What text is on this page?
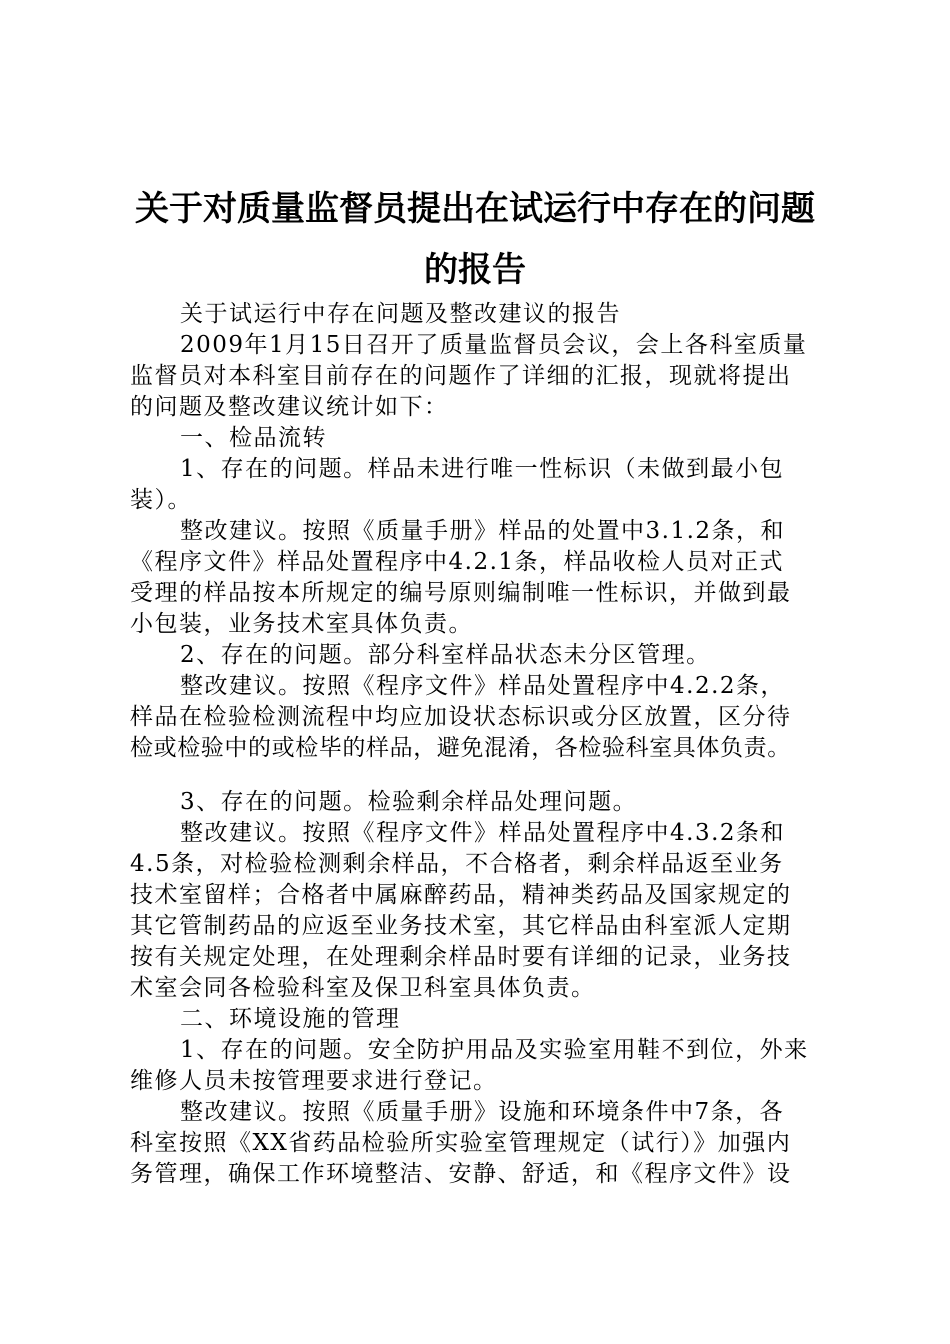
关于对质量监督员提出在试运行中存在的问题
的报告
关于试运行中存在问题及整改建议的报告
2009年1月15日召开了质量监督员会议，会上各科室质量
监督员对本科室目前存在的问题作了详细的汇报，现就将提出
的问题及整改建议统计如下：
一、检品流转
1、存在的问题。样品未进行唯一性标识（未做到最小包
装）。
整改建议。按照《质量手册》样品的处置中3.1.2条，和
《程序文件》样品处置程序中4.2.1条，样品收检人员对正式
受理的样品按本所规定的编号原则编制唯一性标识，并做到最
小包装，业务技术室具体负责。
2、存在的问题。部分科室样品状态未分区管理。
整改建议。按照《程序文件》样品处置程序中4.2.2条，
样品在检验检测流程中均应加设状态标识或分区放置，区分待
检或检验中的或检毕的样品，避免混淆，各检验科室具体负责。
3、存在的问题。检验剩余样品处理问题。
整改建议。按照《程序文件》样品处置程序中4.3.2条和
4.5条，对检验检测剩余样品，不合格者，剩余样品返至业务
技术室留样；合格者中属麻醉药品，精神类药品及国家规定的
其它管制药品的应返至业务技术室，其它样品由科室派人定期
按有关规定处理，在处理剩余样品时要有详细的记录，业务技
术室会同各检验科室及保卫科室具体负责。
二、环境设施的管理
1、存在的问题。安全防护用品及实验室用鞋不到位，外来
维修人员未按管理要求进行登记。
整改建议。按照《质量手册》设施和环境条件中7条，各
科室按照《XX省药品检验所实验室管理规定（试行）》加强内
务管理，确保工作环境整洁、安静、舒适，和《程序文件》设
